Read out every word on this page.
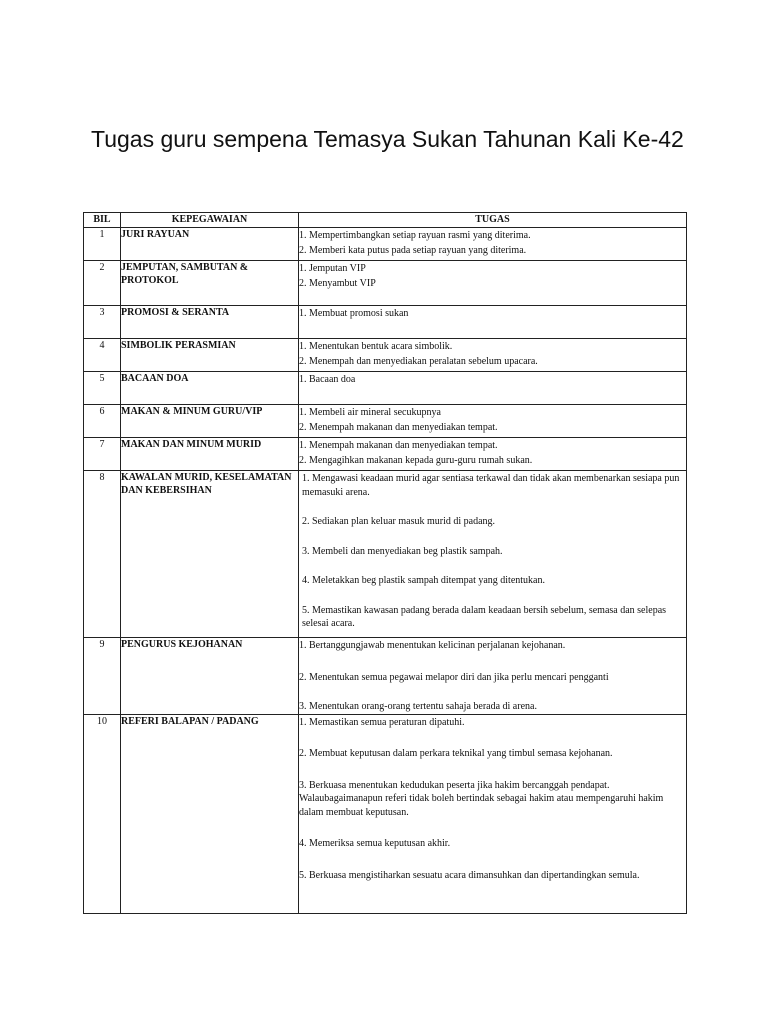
Tugas guru sempena Temasya Sukan Tahunan Kali Ke-42
BIL	KEPEGAWAIAN	TUGAS
1	JURI RAYUAN	1. Mempertimbangkan setiap rayuan rasmi yang diterima.
2. Memberi kata putus pada setiap rayuan yang diterima.

2	JEMPUTAN, SAMBUTAN & PROTOKOL	1. Jemputan VIP
2. Menyambut VIP

3	PROMOSI & SERANTA	1. Membuat promosi sukan

4	SIMBOLIK PERASMIAN	1. Menentukan bentuk acara simbolik.
2. Menempah dan menyediakan peralatan sebelum upacara.

5	BACAAN DOA	1. Bacaan doa

6	MAKAN & MINUM GURU/VIP	1. Membeli air mineral secukupnya
2. Menempah makanan dan menyediakan tempat.

7	MAKAN DAN MINUM MURID	1. Menempah makanan dan menyediakan tempat.
2. Mengagihkan makanan kepada guru-guru rumah sukan.

8	KAWALAN MURID, KESELAMATAN DAN KEBERSIHAN	1. Mengawasi keadaan murid agar sentiasa terkawal dan tidak akan membenarkan sesiapa pun memasuki arena.
2. Sediakan plan keluar masuk murid di padang.
3. Membeli dan menyediakan beg plastik sampah.
4. Meletakkan beg plastik sampah ditempat yang ditentukan.
5. Memastikan kawasan padang berada dalam keadaan bersih sebelum, semasa dan selepas selesai acara.

9	PENGURUS KEJOHANAN	1. Bertanggungjawab menentukan kelicinan perjalanan kejohanan.
2. Menentukan semua pegawai melapor diri dan jika perlu mencari pengganti
3. Menentukan orang-orang tertentu sahaja berada di arena.

10	REFERI BALAPAN / PADANG	1. Memastikan semua peraturan dipatuhi.
2. Membuat keputusan dalam perkara teknikal yang timbul semasa kejohanan.
3. Berkuasa menentukan kedudukan peserta jika hakim bercanggah pendapat. Walaubagaimanapun referi tidak boleh bertindak sebagai hakim atau mempengaruhi hakim dalam membuat keputusan.
4. Memeriksa semua keputusan akhir.
5. Berkuasa mengistiharkan sesuatu acara dimansuhkan dan dipertandingkan semula.
